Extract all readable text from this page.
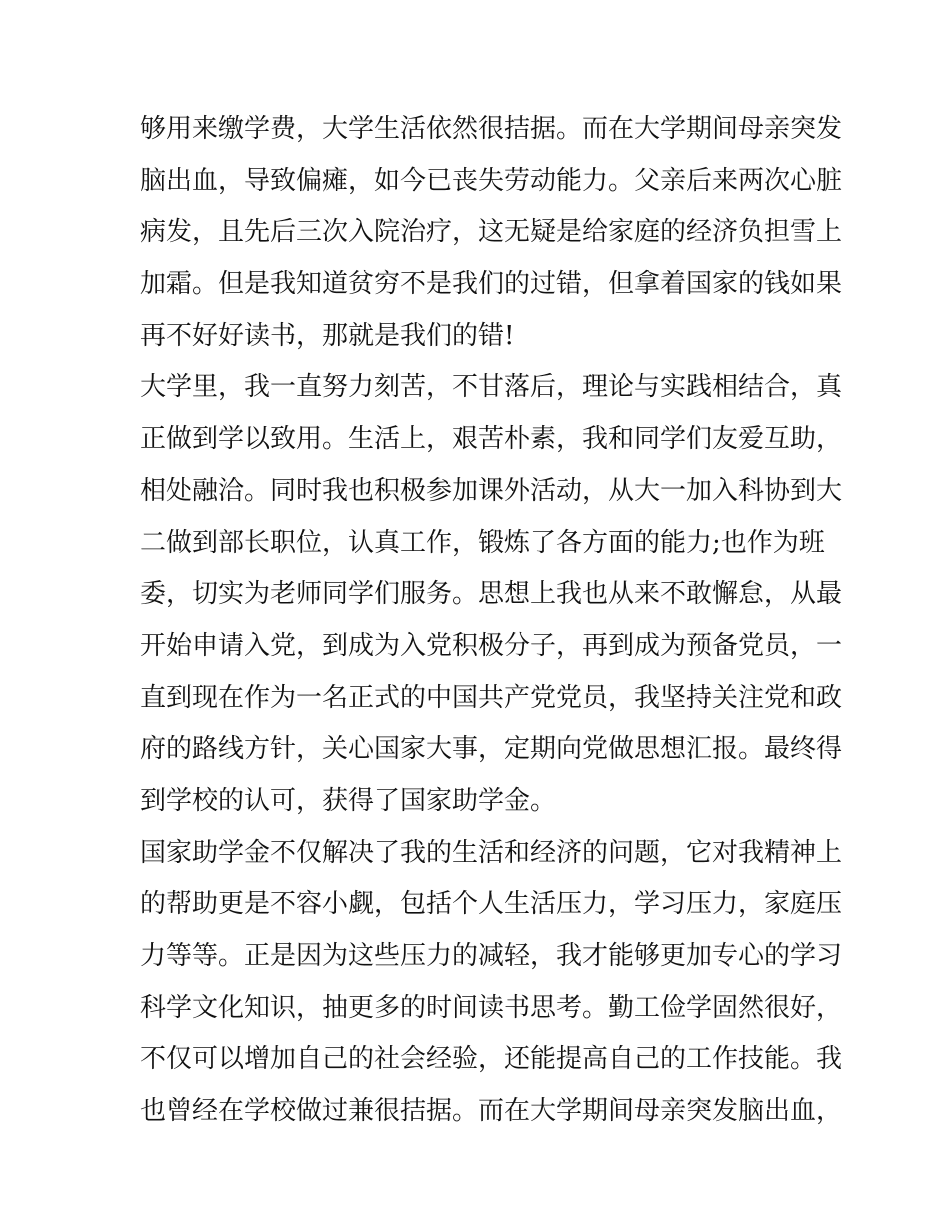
够用来缴学费，大学生活依然很拮据。而在大学期间母亲突发
脑出血，导致偏瘫，如今已丧失劳动能力。父亲后来两次心脏
病发，且先后三次入院治疗，这无疑是给家庭的经济负担雪上
加霜。但是我知道贫穷不是我们的过错，但拿着国家的钱如果
再不好好读书，那就是我们的错!
大学里，我一直努力刻苦，不甘落后，理论与实践相结合，真
正做到学以致用。生活上，艰苦朴素，我和同学们友爱互助，
相处融洽。同时我也积极参加课外活动，从大一加入科协到大
二做到部长职位，认真工作，锻炼了各方面的能力;也作为班
委，切实为老师同学们服务。思想上我也从来不敢懈怠，从最
开始申请入党，到成为入党积极分子，再到成为预备党员，一
直到现在作为一名正式的中国共产党党员，我坚持关注党和政
府的路线方针，关心国家大事，定期向党做思想汇报。最终得
到学校的认可，获得了国家助学金。
国家助学金不仅解决了我的生活和经济的问题，它对我精神上
的帮助更是不容小觑，包括个人生活压力，学习压力，家庭压
力等等。正是因为这些压力的减轻，我才能够更加专心的学习
科学文化知识，抽更多的时间读书思考。勤工俭学固然很好，
不仅可以增加自己的社会经验，还能提高自己的工作技能。我
也曾经在学校做过兼很拮据。而在大学期间母亲突发脑出血，
